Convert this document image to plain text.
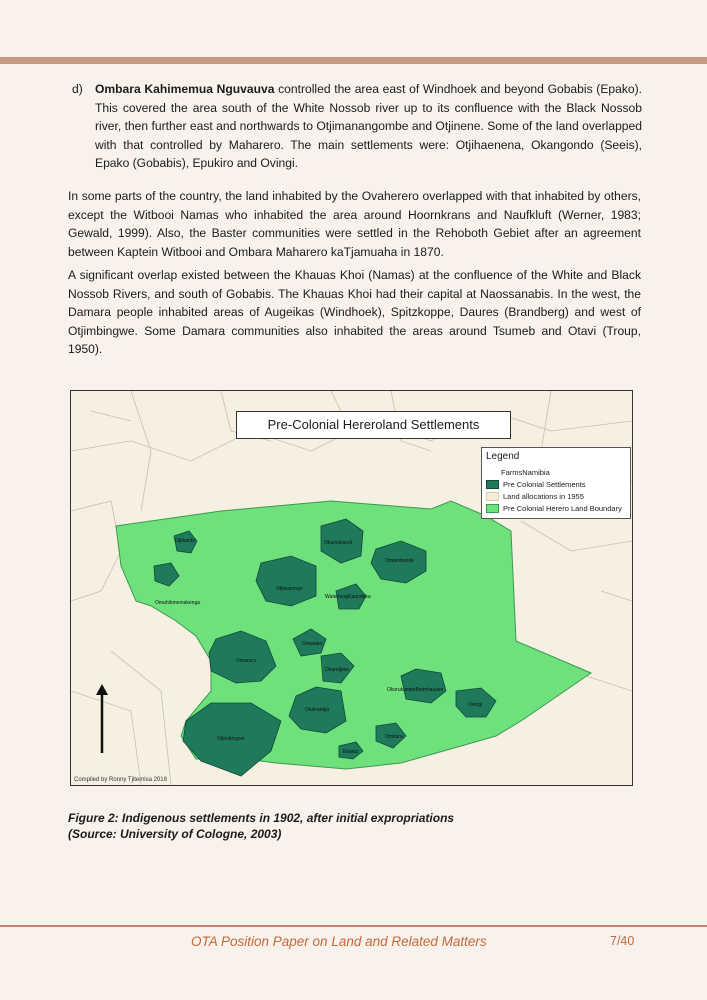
d) Ombara Kahimemua Nguvauva controlled the area east of Windhoek and beyond Gobabis (Epako). This covered the area south of the White Nossob river up to its confluence with the Black Nossob river, then further east and northwards to Otjimanangombe and Otjinene. Some of the land overlapped with that controlled by Maharero. The main settlements were: Otjihaenena, Okangondo (Seeis), Epako (Gobabis), Epukiro and Ovingi.

In some parts of the country, the land inhabited by the Ovaherero overlapped with that inhabited by others, except the Witbooi Namas who inhabited the area around Hoornkrans and Naufkluft (Werner, 1983; Gewald, 1999). Also, the Baster communities were settled in the Rehoboth Gebiet after an agreement between Kaptein Witbooi and Ombara Maharero kaTjamuaha in 1870.

A significant overlap existed between the Khauas Khoi (Namas) at the confluence of the White and Black Nossob Rivers, and south of Gobabis. The Khauas Khoi had their capital at Naossanabis. In the west, the Damara people inhabited areas of Augeikas (Windhoek), Spitzkoppe, Daures (Brandberg) and west of Otjimbingwe. Some Damara communities also inhabited the areas around Tsumeb and Otavi (Troup, 1950).

Pre-Colonial Hereroland Settlements
Legend
FarmsNamibia
Pre Colonial Settlements
Land allocations in 1955
Pre Colonial Herero Land Boundary
Otjitambi	Okamukandi
Omambonde
Omahitonemakenga
Otjiwarongo
WaterbergKaundeka
Omaruru
Omatako
Okandjose
Okahandja
OkorukambeBeimhausen
Ovingi
Otjimbingwe	Omitara
Ekanzi
Compiled by Ronny Tjitemisa 2018
Figure 2: Indigenous settlements in 1902, after initial expropriations
(Source: University of Cologne, 2003)
OTA Position Paper on Land and Related Matters	7/40
